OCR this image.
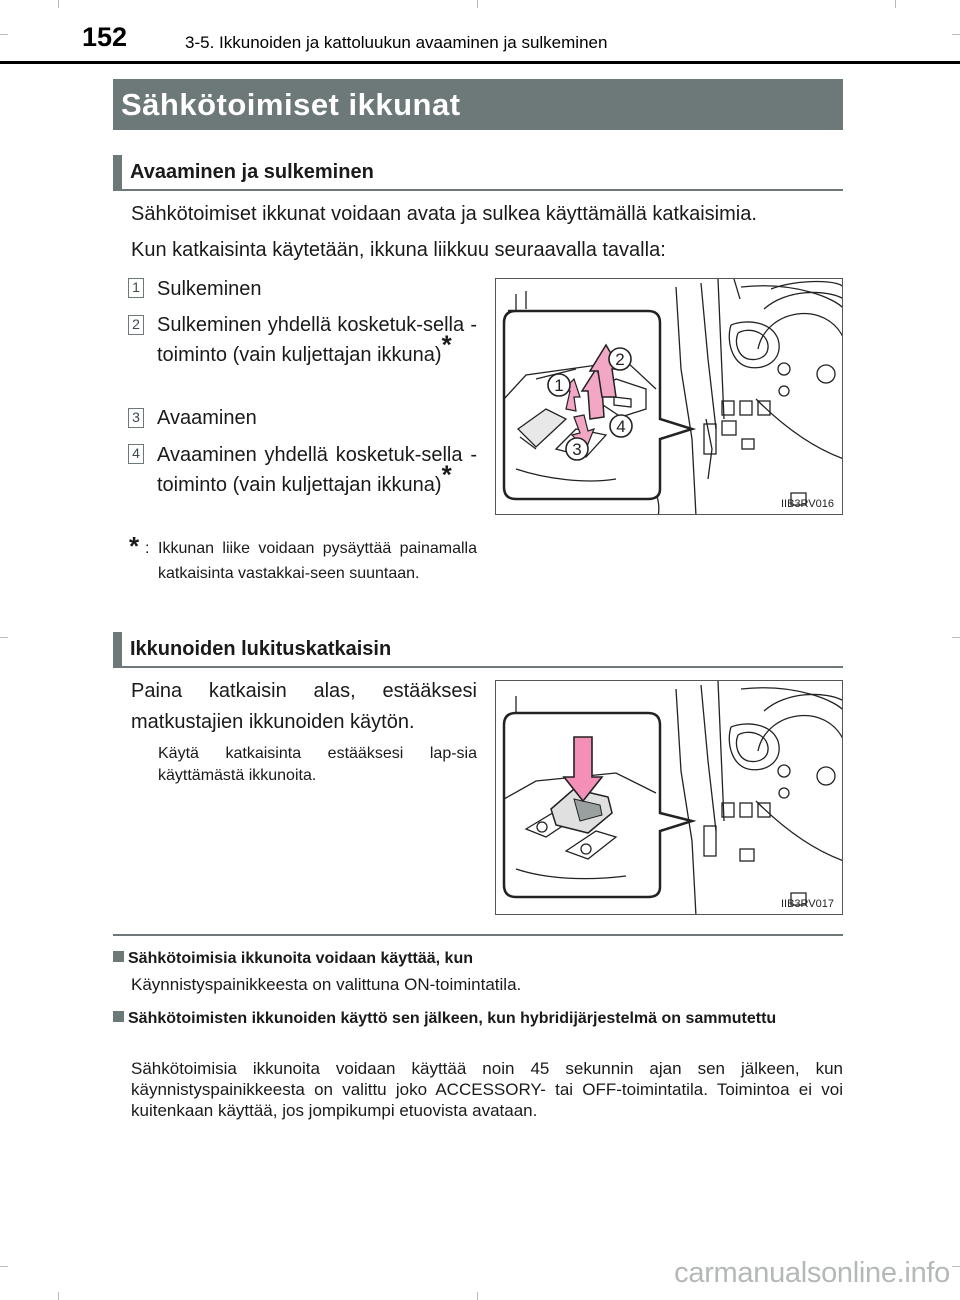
152	3-5. Ikkunoiden ja kattoluukun avaaminen ja sulkeminen
Sähkötoimiset ikkunat
Avaaminen ja sulkeminen
Sähkötoimiset ikkunat voidaan avata ja sulkea käyttämällä katkaisimia.
Kun katkaisinta käytetään, ikkuna liikkuu seuraavalla tavalla:
1 Sulkeminen
2 Sulkeminen yhdellä kosketuk-sella -toiminto (vain kuljettajan ikkuna)*
3 Avaaminen
4 Avaaminen yhdellä kosketuk-sella -toiminto (vain kuljettajan ikkuna)*
* : Ikkunan liike voidaan pysäyttää painamalla katkaisinta vastakkai-seen suuntaan.
1
2
3
4
IIB3RV016
Ikkunoiden lukituskatkaisin
Paina katkaisin alas, estääksesi matkustajien ikkunoiden käytön.
Käytä katkaisinta estääksesi lap-sia käyttämästä ikkunoita.
IIB3RV017
Sähkötoimisia ikkunoita voidaan käyttää, kun
Käynnistyspainikkeesta on valittuna ON-toimintatila.
Sähkötoimisten ikkunoiden käyttö sen jälkeen, kun hybridijärjestelmä on sammutettu
Sähkötoimisia ikkunoita voidaan käyttää noin 45 sekunnin ajan sen jälkeen, kun käynnistyspainikkeesta on valittu joko ACCESSORY- tai OFF-toimintatila. Toimintoa ei voi kuitenkaan käyttää, jos jompikumpi etuovista avataan.
carmanualsonline.info
